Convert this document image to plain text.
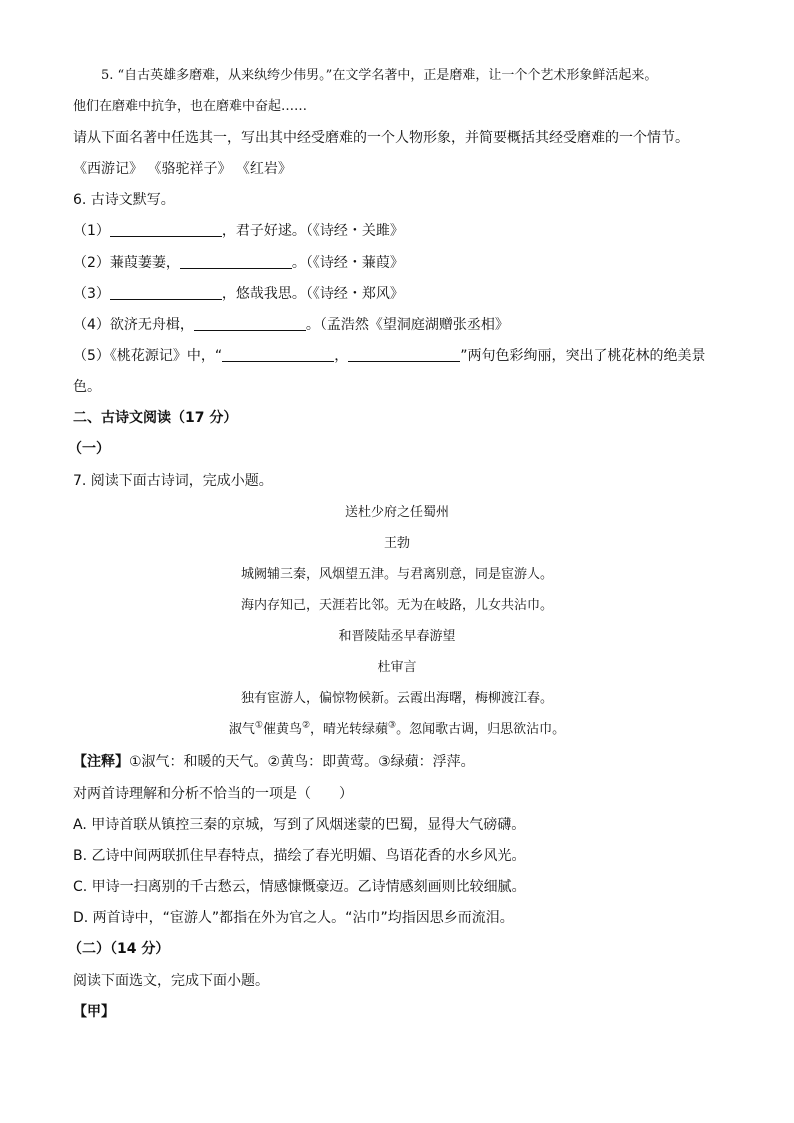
5. “自古英雄多磨难，从来纨绔少伟男。”在文学名著中，正是磨难，让一个个艺术形象鲜活起来。
他们在磨难中抗争，也在磨难中奋起……
请从下面名著中任选其一，写出其中经受磨难的一个人物形象，并简要概括其经受磨难的一个情节。
《西游记》 《骆驼祥子》 《红岩》
6. 古诗文默写。
（1）	，君子好逑。（《诗经・关雎》
（2）蒹葭萋萋，	。（《诗经・蒹葭》
（3）	，悠哉我思。（《诗经・郑风》
（4）欲济无舟楫，	。（孟浩然《望洞庭湖赠张丞相》
（5）《桃花源记》中，“	，	”两句色彩绚丽，突出了桃花林的绝美景
色。
二、古诗文阅读（17 分）
（一）
7. 阅读下面古诗词，完成小题。
送杜少府之任蜀州
王勃
城阙辅三秦，风烟望五津。与君离别意，同是宦游人。
海内存知己，天涯若比邻。无为在岐路，儿女共沾巾。
和晋陵陆丞早春游望
杜审言
独有宦游人，偏惊物候新。云霞出海曙，梅柳渡江春。
淑气①催黄鸟②，晴光转绿蘋③。忽闻歌古调，归思欲沾巾。
【注释】①淑气：和暖的天气。②黄鸟：即黄莺。③绿蘋：浮萍。
对两首诗理解和分析不恰当的一项是（　　）
A. 甲诗首联从镇控三秦的京城，写到了风烟迷蒙的巴蜀，显得大气磅礴。
B. 乙诗中间两联抓住早春特点，描绘了春光明媚、鸟语花香的水乡风光。
C. 甲诗一扫离别的千古愁云，情感慷慨豪迈。乙诗情感刻画则比较细腻。
D. 两首诗中，“宦游人”都指在外为官之人。“沾巾”均指因思乡而流泪。
（二）（14 分）
阅读下面选文，完成下面小题。
【甲】
